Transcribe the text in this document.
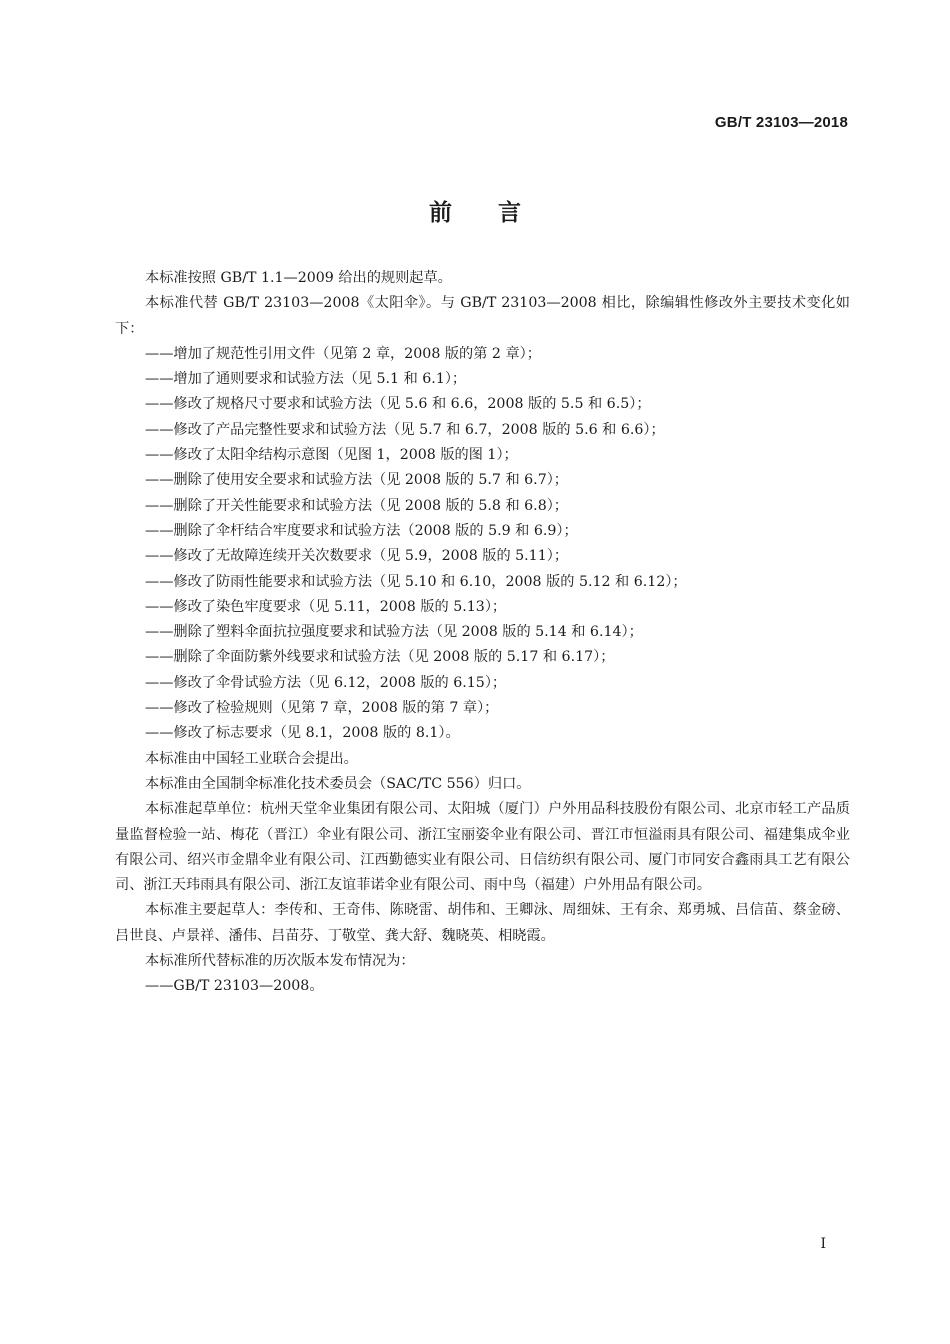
GB/T 23103—2018
前　　言

本标准按照 GB/T 1.1—2009 给出的规则起草。

本标准代替 GB/T 23103—2008《太阳伞》。与 GB/T 23103—2008 相比，除编辑性修改外主要技术变化如下：

——增加了规范性引用文件（见第 2 章，2008 版的第 2 章）；

——增加了通则要求和试验方法（见 5.1 和 6.1）；

——修改了规格尺寸要求和试验方法（见 5.6 和 6.6，2008 版的 5.5 和 6.5）；

——修改了产品完整性要求和试验方法（见 5.7 和 6.7，2008 版的 5.6 和 6.6）；

——修改了太阳伞结构示意图（见图 1，2008 版的图 1）；

——删除了使用安全要求和试验方法（见 2008 版的 5.7 和 6.7）；

——删除了开关性能要求和试验方法（见 2008 版的 5.8 和 6.8）；

——删除了伞杆结合牢度要求和试验方法（2008 版的 5.9 和 6.9）；

——修改了无故障连续开关次数要求（见 5.9，2008 版的 5.11）；

——修改了防雨性能要求和试验方法（见 5.10 和 6.10，2008 版的 5.12 和 6.12）；

——修改了染色牢度要求（见 5.11，2008 版的 5.13）；

——删除了塑料伞面抗拉强度要求和试验方法（见 2008 版的 5.14 和 6.14）；

——删除了伞面防紫外线要求和试验方法（见 2008 版的 5.17 和 6.17）；

——修改了伞骨试验方法（见 6.12，2008 版的 6.15）；

——修改了检验规则（见第 7 章，2008 版的第 7 章）；

——修改了标志要求（见 8.1，2008 版的 8.1）。

本标准由中国轻工业联合会提出。

本标准由全国制伞标准化技术委员会（SAC/TC 556）归口。

本标准起草单位：杭州天堂伞业集团有限公司、太阳城（厦门）户外用品科技股份有限公司、北京市轻工产品质量监督检验一站、梅花（晋江）伞业有限公司、浙江宝丽姿伞业有限公司、晋江市恒溢雨具有限公司、福建集成伞业有限公司、绍兴市金鼎伞业有限公司、江西勤德实业有限公司、日信纺织有限公司、厦门市同安合鑫雨具工艺有限公司、浙江天玮雨具有限公司、浙江友谊菲诺伞业有限公司、雨中鸟（福建）户外用品有限公司。

本标准主要起草人：李传和、王奇伟、陈晓雷、胡伟和、王卿泳、周细妹、王有余、郑勇城、吕信苗、蔡金磅、吕世良、卢景祥、潘伟、吕苗芬、丁敬堂、龚大舒、魏晓英、相晓霞。

本标准所代替标准的历次版本发布情况为：

——GB/T 23103—2008。

I
